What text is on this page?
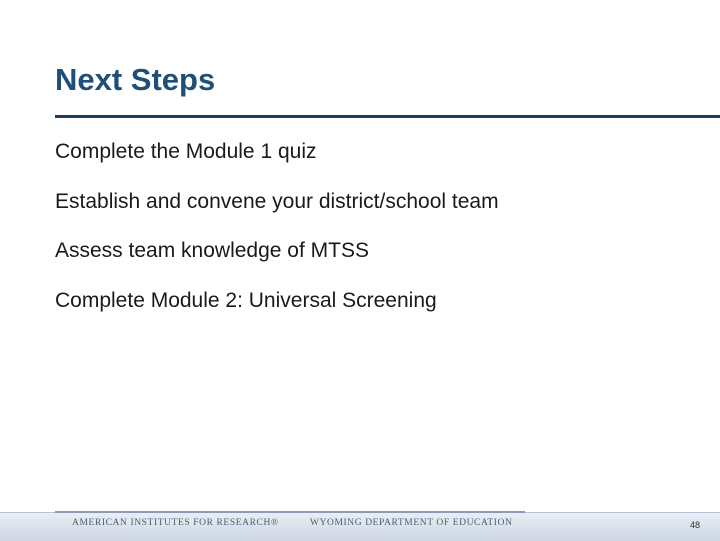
Next Steps
Complete the Module 1 quiz
Establish and convene your district/school team
Assess team knowledge of MTSS
Complete Module 2: Universal Screening
AMERICAN INSTITUTES FOR RESEARCH®	WYOMING DEPARTMENT OF EDUCATION	48
